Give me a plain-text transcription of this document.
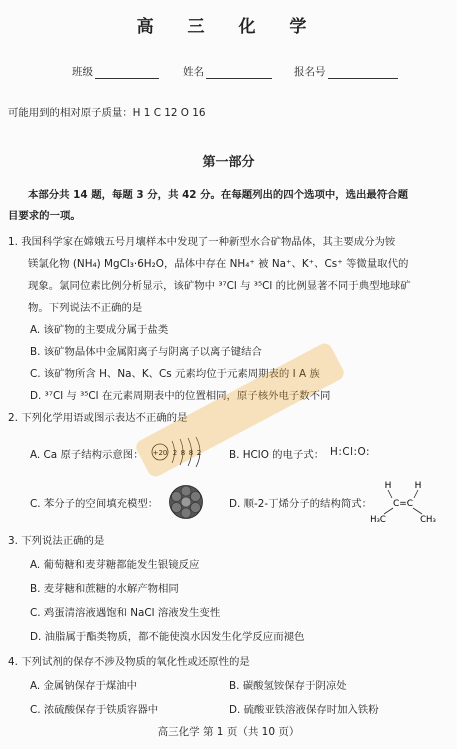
高 三 化 学
班级	姓名	报名号
可能用到的相对原子质量：H 1 C 12 O 16
第一部分
本部分共 14 题，每题 3 分，共 42 分。在每题列出的四个选项中，选出最符合题
目要求的一项。
1. 我国科学家在嫦娥五号月壤样本中发现了一种新型水合矿物晶体，其主要成分为铵
镁氯化物 (NH₄) MgCl₃·6H₂O，晶体中存在 NH₄⁺ 被 Na⁺、K⁺、Cs⁺ 等微量取代的
现象。氯同位素比例分析显示，该矿物中 ³⁷Cl 与 ³⁵Cl 的比例显著不同于典型地球矿
物。下列说法不正确的是
A. 该矿物的主要成分属于盐类
B. 该矿物晶体中金属阳离子与阴离子以离子键结合
C. 该矿物所含 H、Na、K、Cs 元素均位于元素周期表的 I A 族
D. ³⁷Cl 与 ³⁵Cl 在元素周期表中的位置相同，原子核外电子数不同
2. 下列化学用语或图示表达不正确的是
A. Ca 原子结构示意图： +20 2 8 8 2	B. HClO 的电子式： H:Cl:O:
C. 苯分子的空间填充模型：	D. 顺-2-丁烯分子的结构简式：
H	H
C=C
H₃C	CH₃
3. 下列说法正确的是
A. 葡萄糖和麦芽糖都能发生银镜反应
B. 麦芽糖和蔗糖的水解产物相同
C. 鸡蛋清溶液遇饱和 NaCl 溶液发生变性
D. 油脂属于酯类物质，都不能使溴水因发生化学反应而褪色
4. 下列试剂的保存不涉及物质的氧化性或还原性的是
A. 金属钠保存于煤油中	B. 碳酸氢铵保存于阴凉处
C. 浓硫酸保存于铁质容器中	D. 硫酸亚铁溶液保存时加入铁粉
高三化学 第 1 页（共 10 页）
